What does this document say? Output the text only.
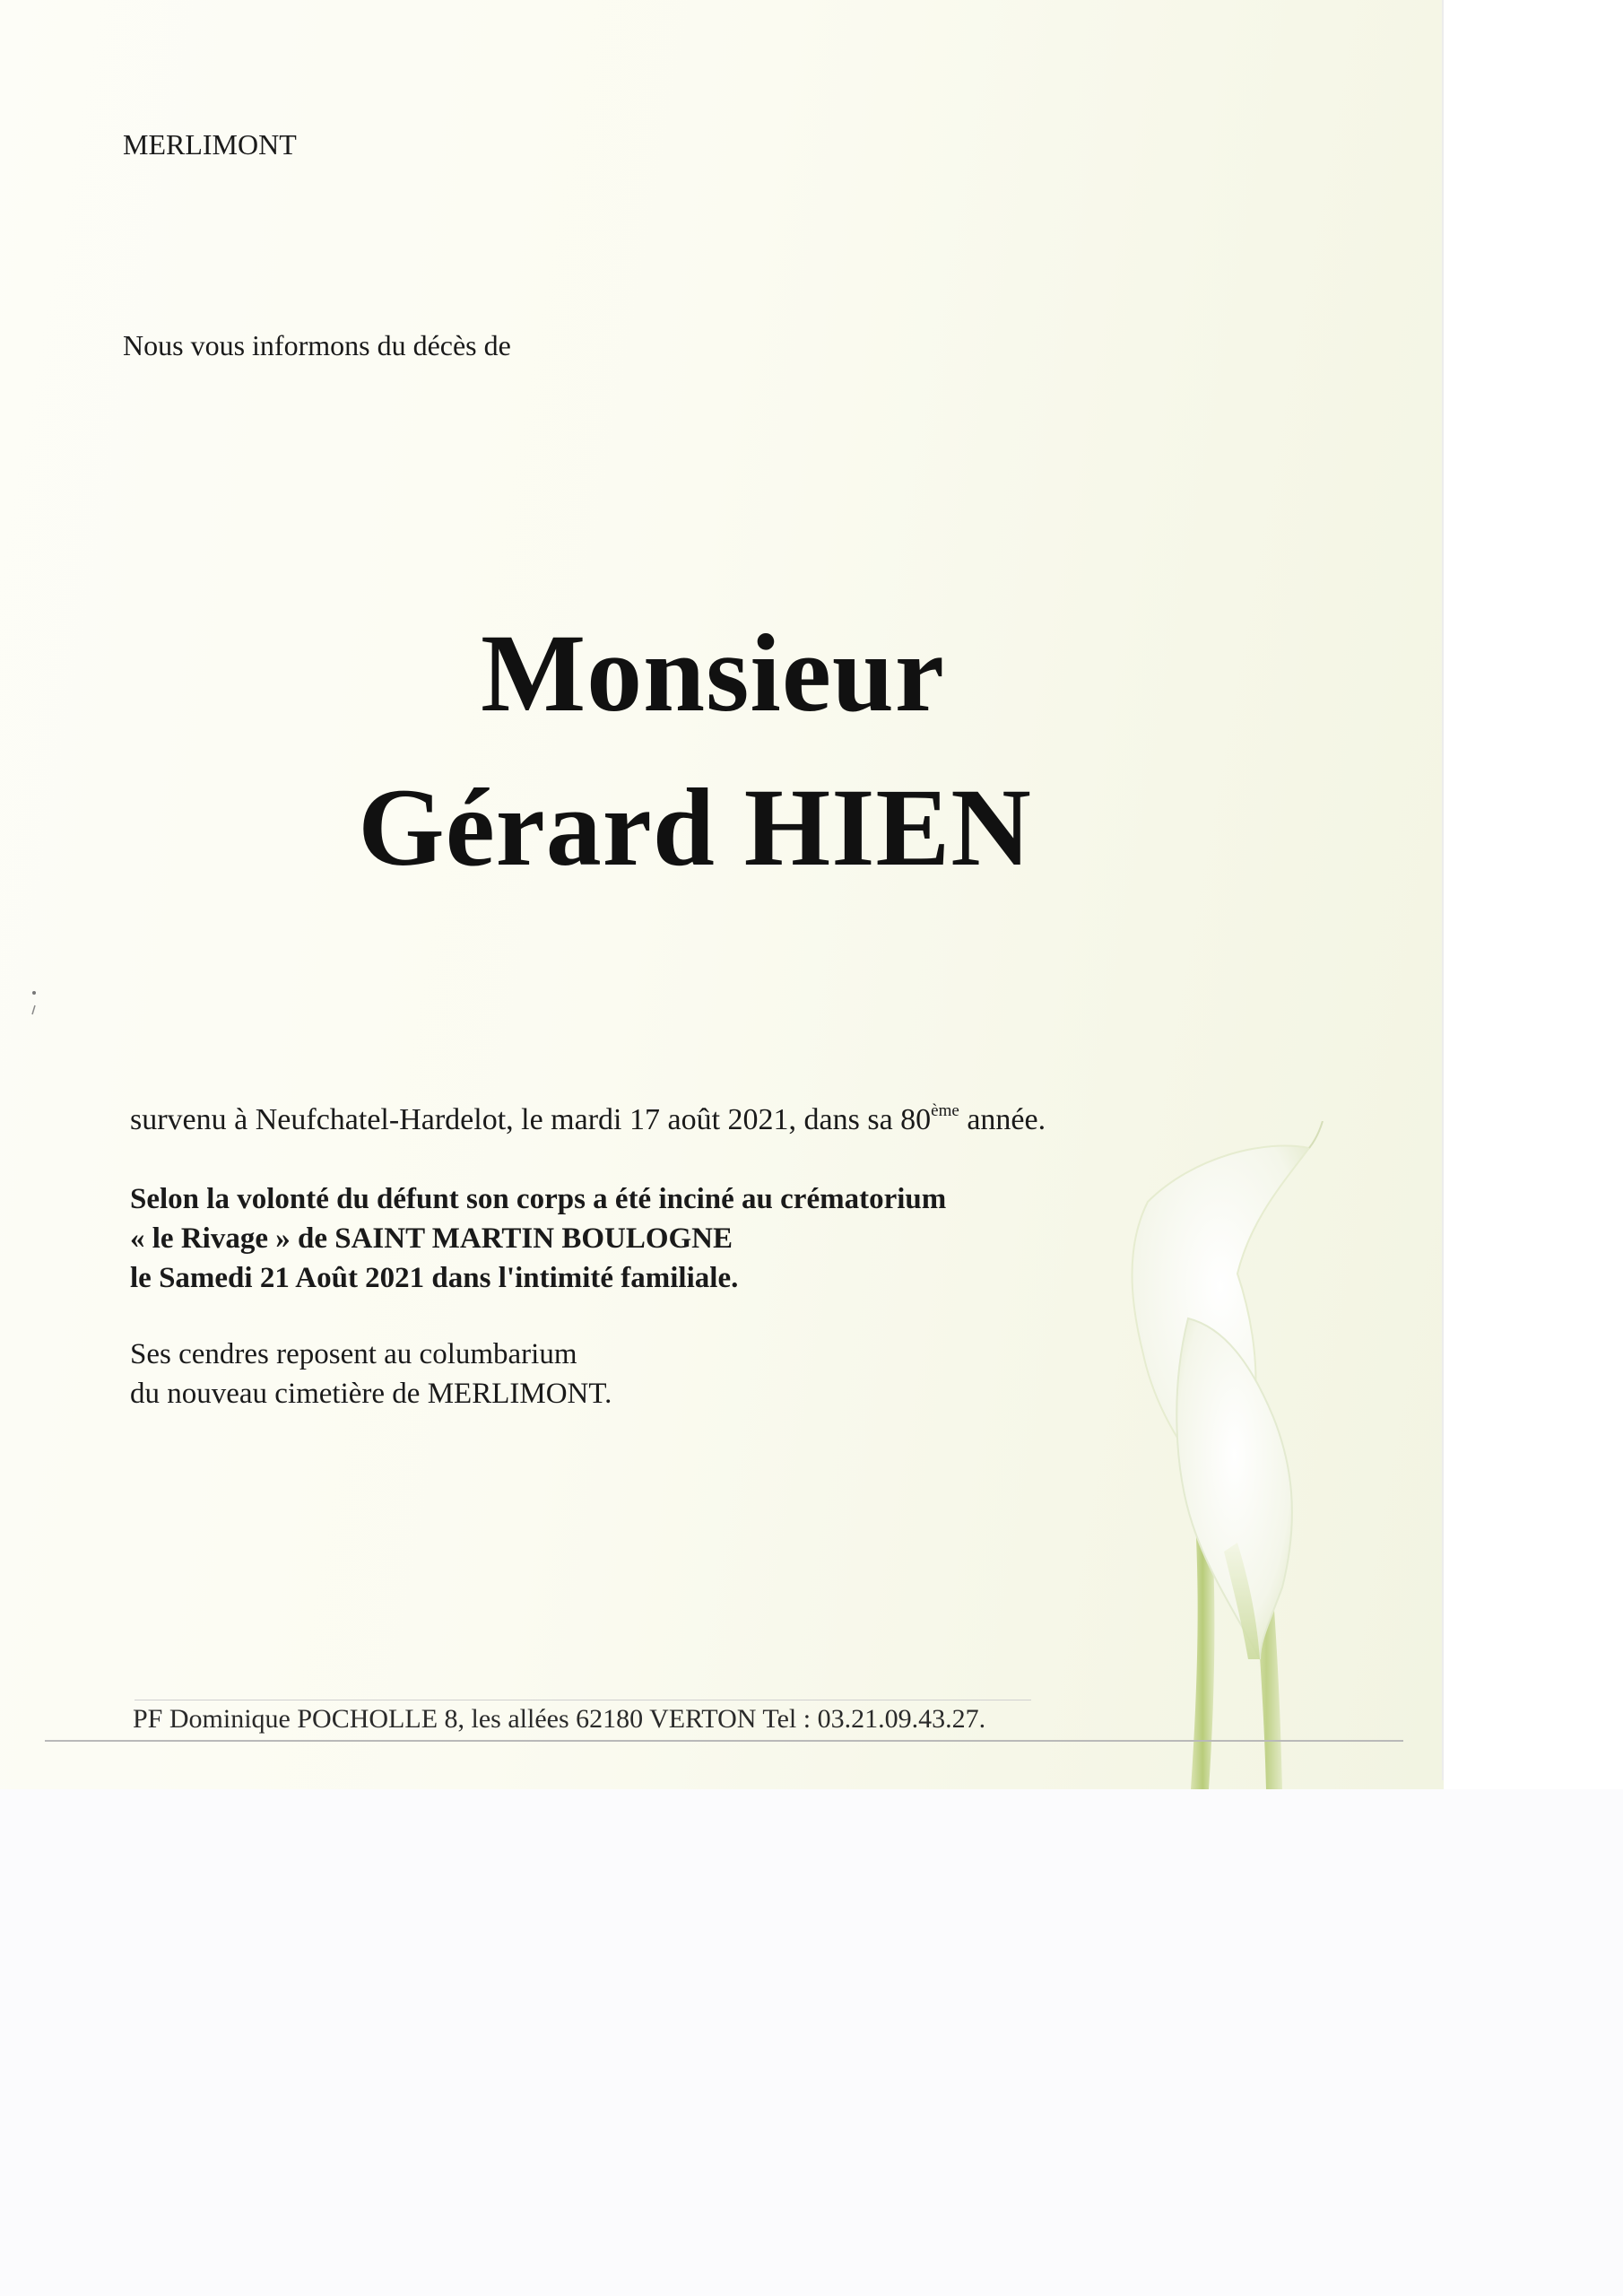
MERLIMONT
Nous vous informons du décès de
Monsieur
Gérard HIEN
survenu à Neufchatel-Hardelot, le mardi 17 août 2021, dans sa 80ème année.
Selon la volonté du défunt son corps a été inciné au crématorium
« le Rivage » de SAINT MARTIN BOULOGNE
le Samedi 21 Août 2021 dans l'intimité familiale.
Ses cendres reposent au columbarium
du nouveau cimetière de MERLIMONT.
PF Dominique POCHOLLE 8, les allées 62180 VERTON Tel : 03.21.09.43.27.
